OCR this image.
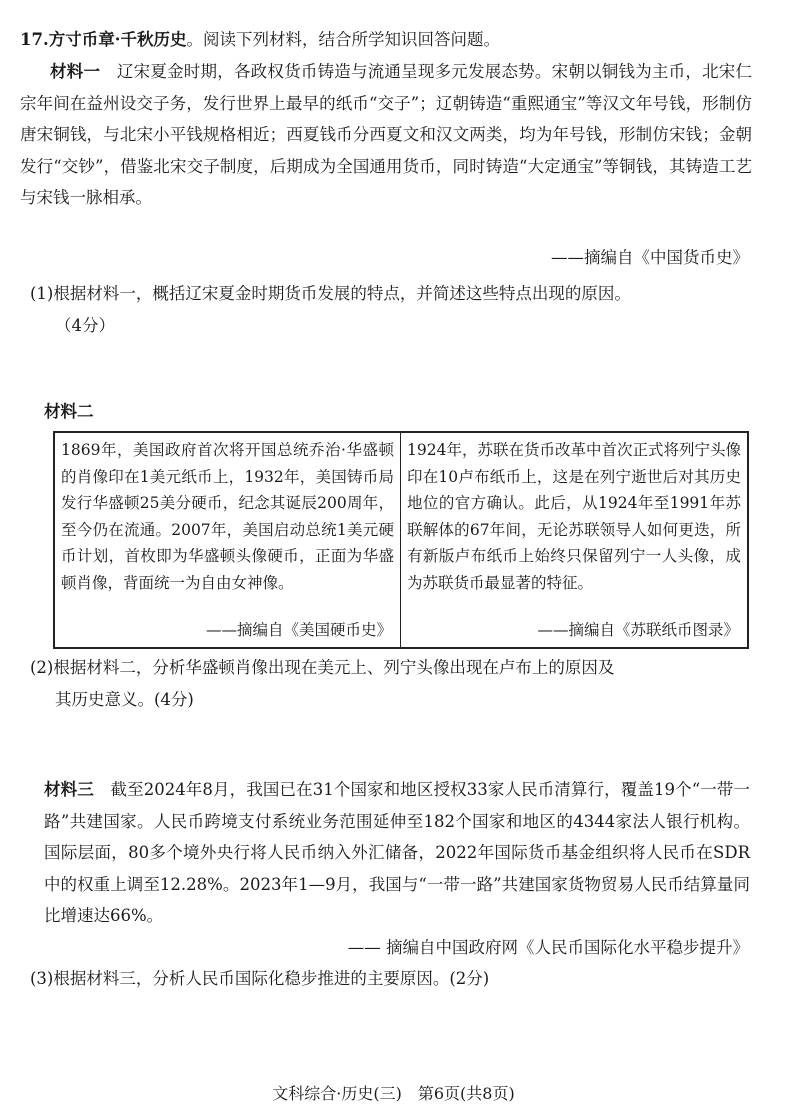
17.方寸币章·千秋历史。阅读下列材料，结合所学知识回答问题。
材料一　 辽宋夏金时期，各政权货币铸造与流通呈现多元发展态势。宋朝以铜钱为主币，北宋仁宗年间在益州设交子务，发行世界上最早的纸币“交子”；辽朝铸造“重熙通宝”等汉文年号钱，形制仿唐宋铜钱，与北宋小平钱规格相近；西夏钱币分西夏文和汉文两类，均为年号钱，形制仿宋钱；金朝发行“交钞”，借鉴北宋交子制度，后期成为全国通用货币，同时铸造“大定通宝”等铜钱，其铸造工艺与宋钱一脉相承。
——摘编自《中国货币史》
(1)根据材料一，概括辽宋夏金时期货币发展的特点，并简述这些特点出现的原因。
（4分）
材料二
1869年，美国政府首次将开国总统乔治·华盛顿的肖像印在1美元纸币上，1932年，美国铸币局发行华盛顿25美分硬币，纪念其诞辰200周年，至今仍在流通。2007年，美国启动总统1美元硬币计划，首枚即为华盛顿头像硬币，正面为华盛顿肖像，背面统一为自由女神像。
——摘编自《美国硬币史》
1924年，苏联在货币改革中首次正式将列宁头像印在10卢布纸币上，这是在列宁逝世后对其历史地位的官方确认。此后，从1924年至1991年苏联解体的67年间，无论苏联领导人如何更迭，所有新版卢布纸币上始终只保留列宁一人头像，成为苏联货币最显著的特征。
——摘编自《苏联纸币图录》
(2)根据材料二，分析华盛顿肖像出现在美元上、列宁头像出现在卢布上的原因及
其历史意义。(4分)
材料三　 截至2024年8月，我国已在31个国家和地区授权33家人民币清算行，覆盖19个“一带一路”共建国家。人民币跨境支付系统业务范围延伸至182个国家和地区的4344家法人银行机构。国际层面，80多个境外央行将人民币纳入外汇储备，2022年国际货币基金组织将人民币在SDR中的权重上调至12.28%。2023年1—9月，我国与“一带一路”共建国家货物贸易人民币结算量同比增速达66%。
—— 摘编自中国政府网《人民币国际化水平稳步提升》
(3)根据材料三，分析人民币国际化稳步推进的主要原因。(2分)
文科综合·历史(三)　第6页(共8页)
